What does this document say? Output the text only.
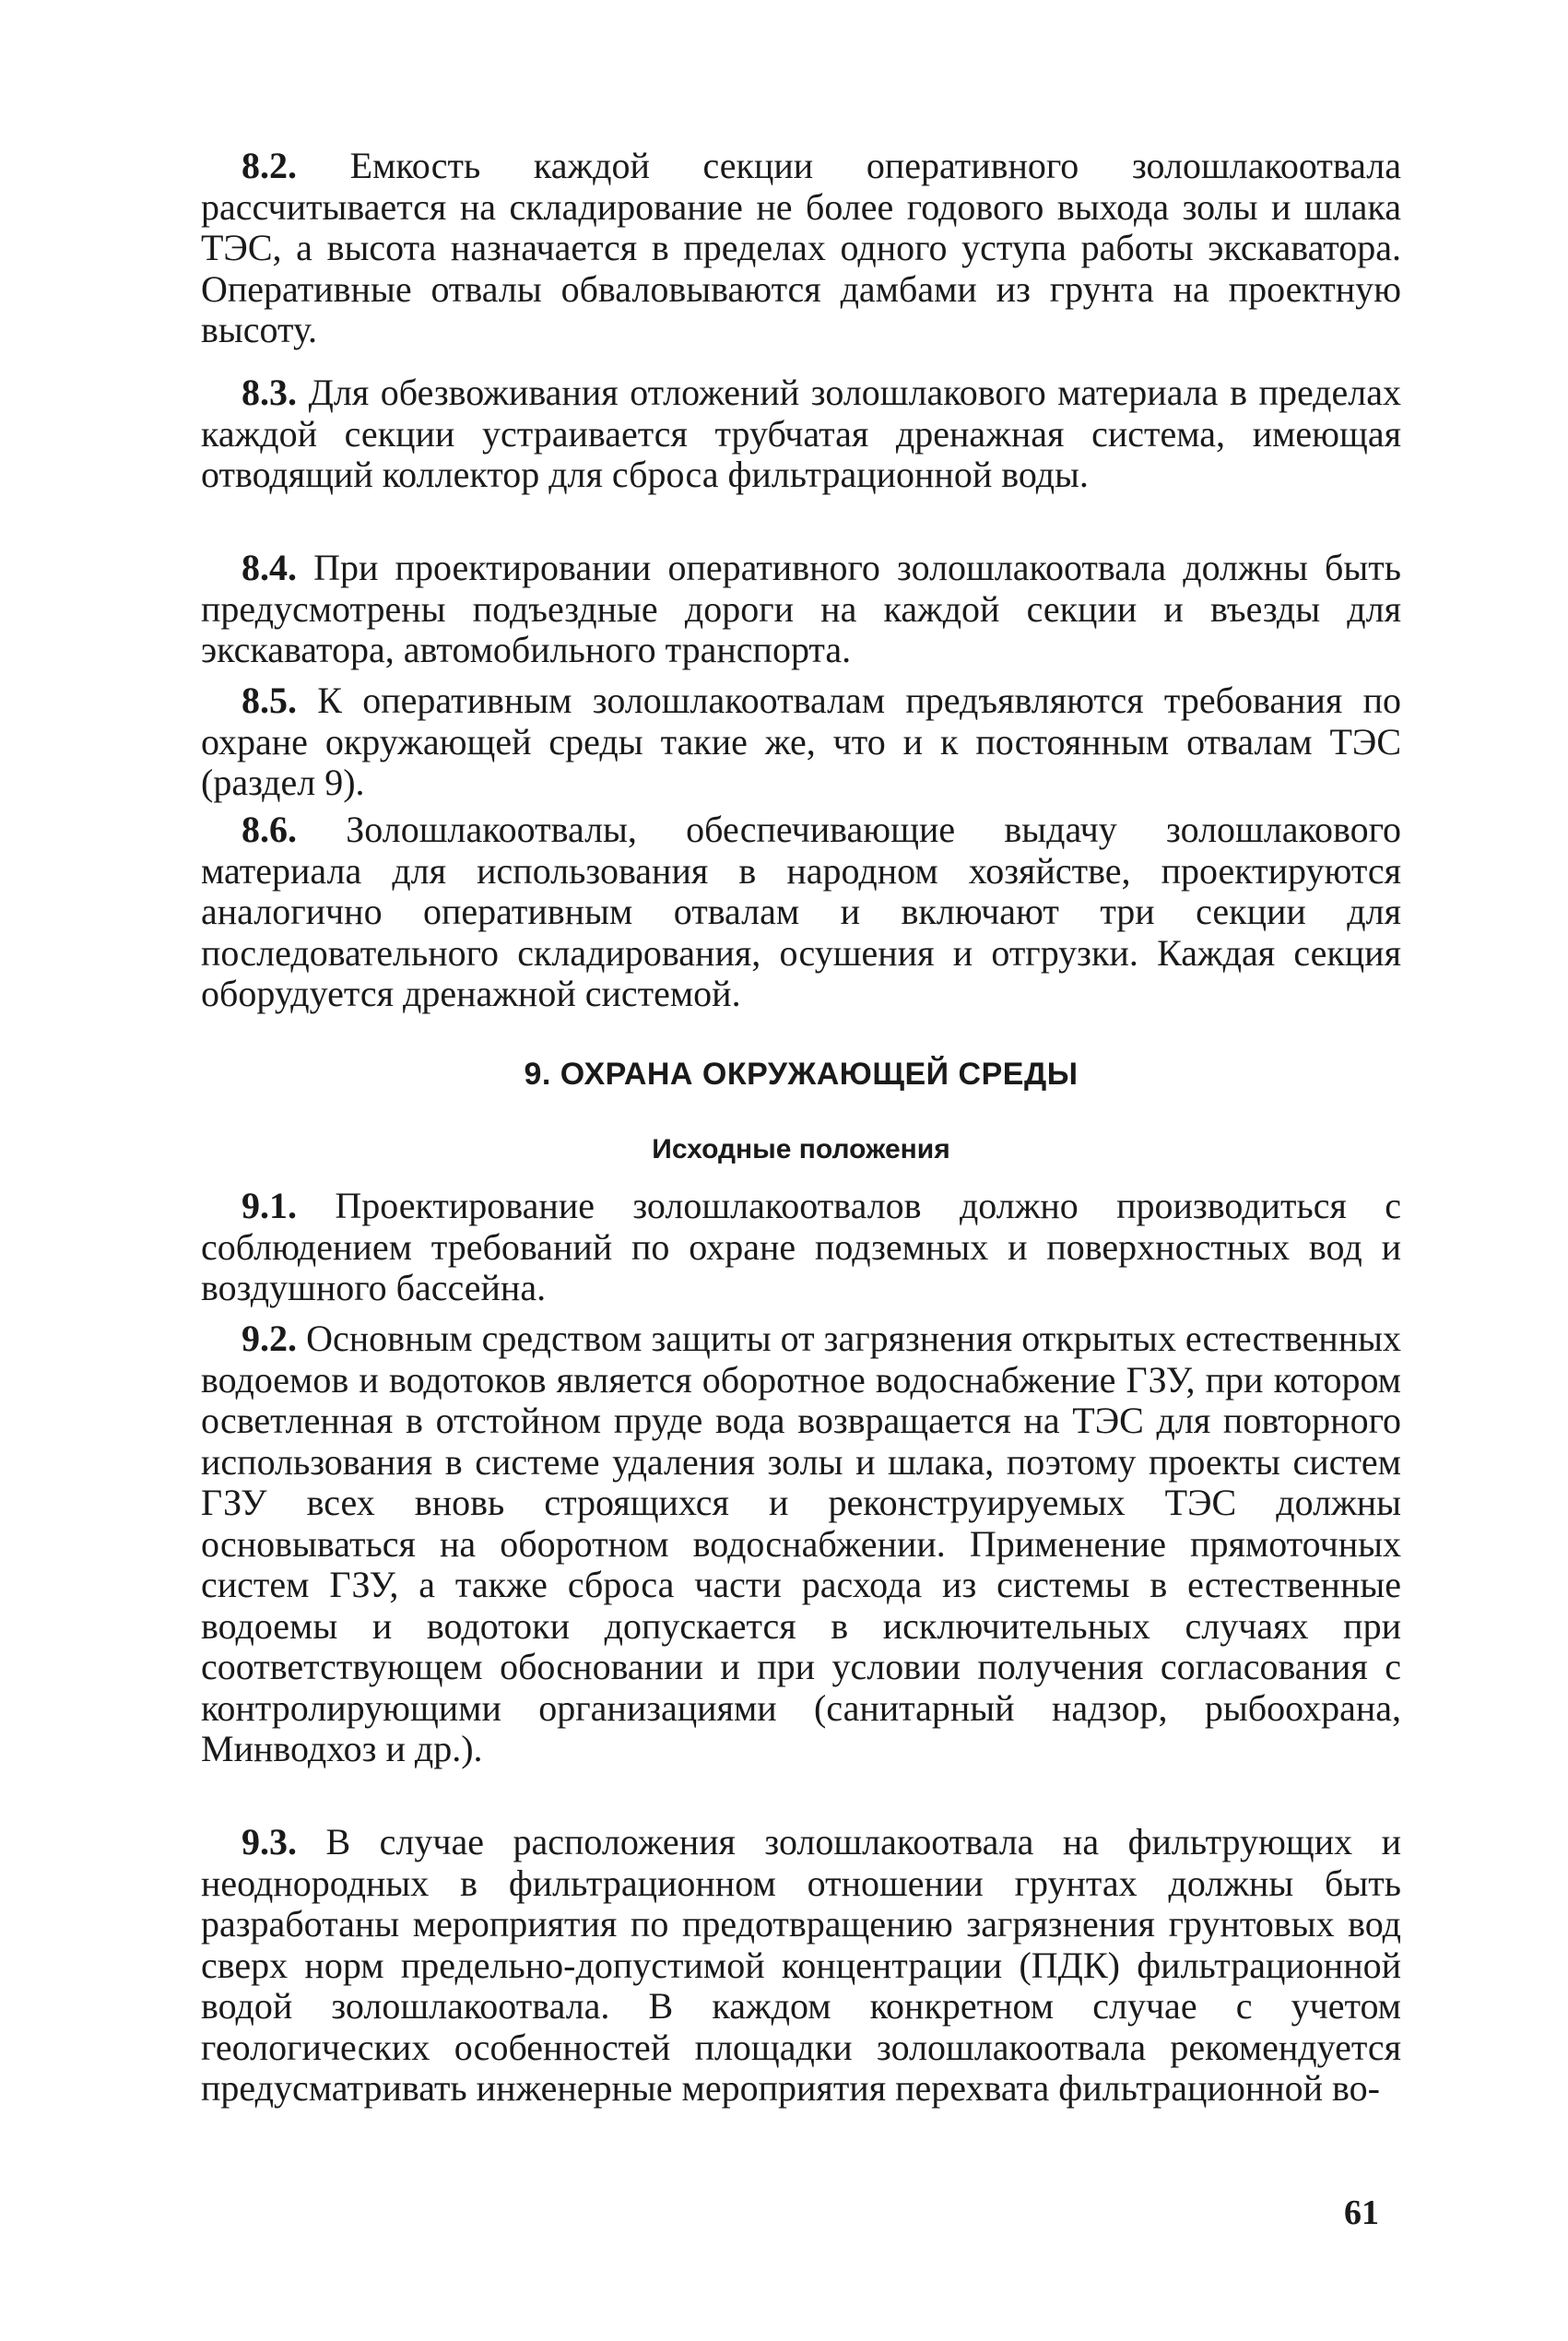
8.2. Емкость каждой секции оперативного золошлакоотвала рассчитывается на складирование не более годового выхода золы и шлака ТЭС, а высота назначается в пределах одного уступа работы экскаватора. Оперативные отвалы обваловываются дамбами из грунта на проектную высоту.

8.3. Для обезвоживания отложений золошлакового материала в пределах каждой секции устраивается трубчатая дренажная система, имеющая отводящий коллектор для сброса фильтрационной воды.

8.4. При проектировании оперативного золошлакоотвала должны быть предусмотрены подъездные дороги на каждой секции и въезды для экскаватора, автомобильного транспорта.

8.5. К оперативным золошлакоотвалам предъявляются требования по охране окружающей среды такие же, что и к постоянным отвалам ТЭС (раздел 9).

8.6. Золошлакоотвалы, обеспечивающие выдачу золошлакового материала для использования в народном хозяйстве, проектируются аналогично оперативным отвалам и включают три секции для последовательного складирования, осушения и отгрузки. Каждая секция оборудуется дренажной системой.

9. ОХРАНА ОКРУЖАЮЩЕЙ СРЕДЫ
Исходные положения

9.1. Проектирование золошлакоотвалов должно производиться с соблюдением требований по охране подземных и поверхностных вод и воздушного бассейна.

9.2. Основным средством защиты от загрязнения открытых естественных водоемов и водотоков является оборотное водоснабжение ГЗУ, при котором осветленная в отстойном пруде вода возвращается на ТЭС для повторного использования в системе удаления золы и шлака, поэтому проекты систем ГЗУ всех вновь строящихся и реконструируемых ТЭС должны основываться на оборотном водоснабжении. Применение прямоточных систем ГЗУ, а также сброса части расхода из системы в естественные водоемы и водотоки допускается в исключительных случаях при соответствующем обосновании и при условии получения согласования с контролирующими организациями (санитарный надзор, рыбоохрана, Минводхоз и др.).

9.3. В случае расположения золошлакоотвала на фильтрующих и неоднородных в фильтрационном отношении грунтах должны быть разработаны мероприятия по предотвращению загрязнения грунтовых вод сверх норм предельно-допустимой концентрации (ПДК) фильтрационной водой золошлакоотвала. В каждом конкретном случае с учетом геологических особенностей площадки золошлакоотвала рекомендуется предусматривать инженерные мероприятия перехвата фильтрационной во-

61
